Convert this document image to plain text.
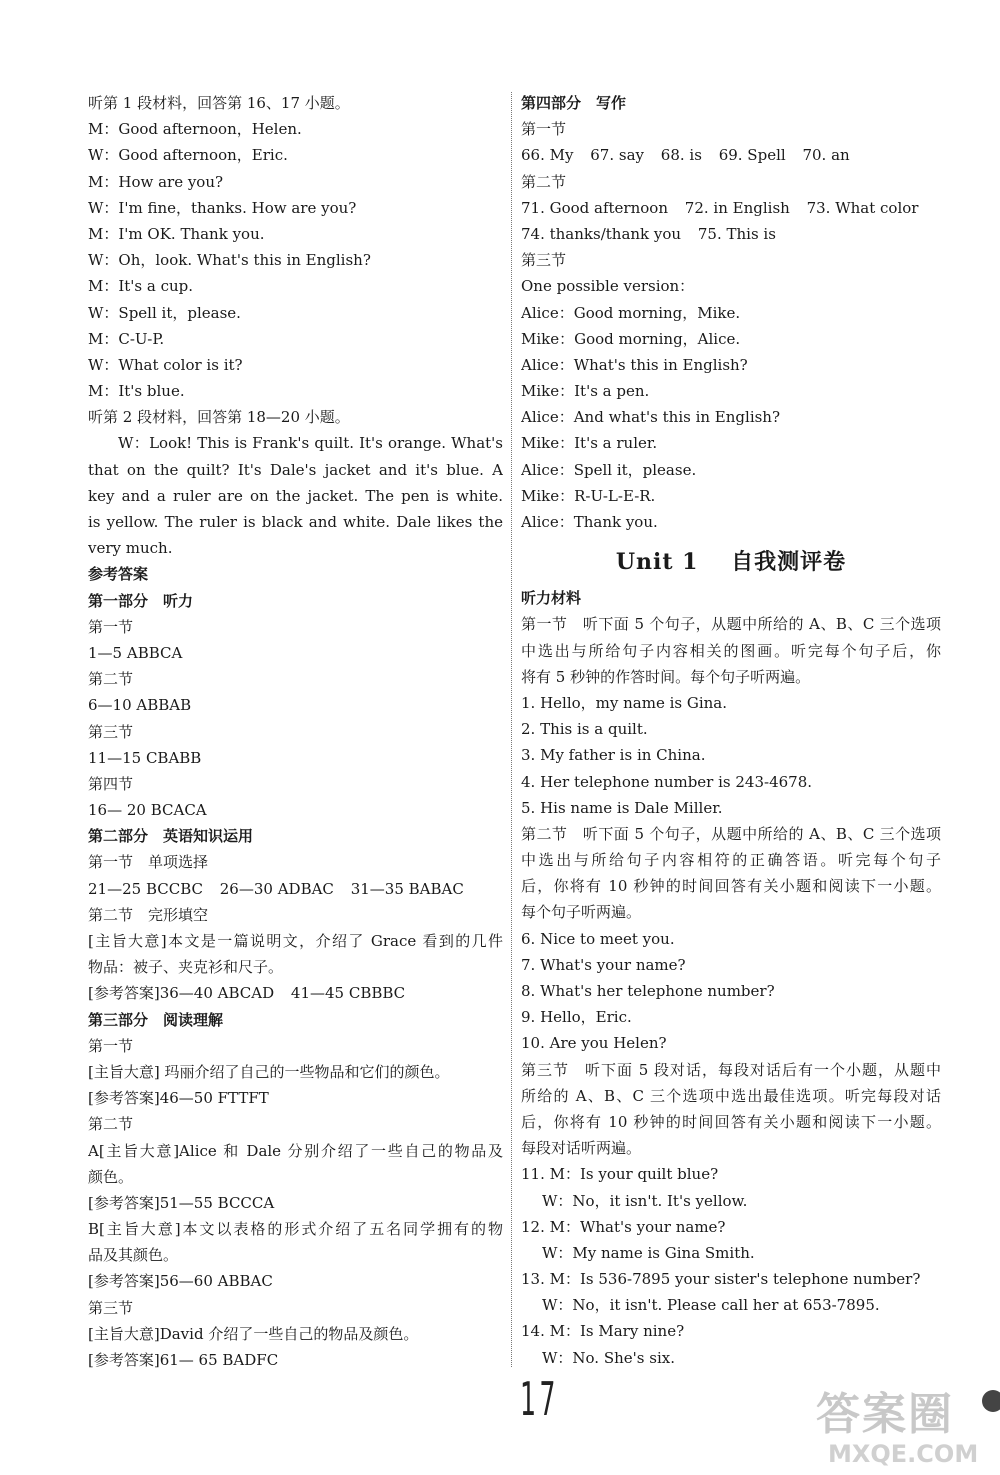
听第 1 段材料，回答第 16、17 小题。
M：Good afternoon，Helen.
W：Good afternoon，Eric.
M：How are you?
W：I'm fine，thanks. How are you?
M：I'm OK. Thank you.
W：Oh，look. What's this in English?
M：It's a cup.
W：Spell it，please.
M：C-U-P.
W：What color is it?
M：It's blue.
听第 2 段材料，回答第 18—20 小题。
W：Look! This is Frank's quilt. It's orange. What's
that on the quilt? It's Dale's jacket and it's blue. A
key and a ruler are on the jacket. The pen is white.
is yellow. The ruler is black and white. Dale likes the
very much.
参考答案
第一部分　听力
第一节
1—5 ABBCA
第二节
6—10 ABBAB
第三节
11—15 CBABB
第四节
16— 20 BCACA
第二部分　英语知识运用
第一节　单项选择
21—25 BCCBC 26—30 ADBAC 31—35 BABAC
第二节　完形填空
[主旨大意]本文是一篇说明文，介绍了 Grace 看到的几件
物品：被子、夹克衫和尺子。
[参考答案]36—40 ABCAD 41—45 CBBBC
第三部分　阅读理解
第一节
[主旨大意] 玛丽介绍了自己的一些物品和它们的颜色。
[参考答案]46—50 FTTFT
第二节
A[主旨大意]Alice 和 Dale 分别介绍了一些自己的物品及
颜色。
[参考答案]51—55 BCCCA
B[主旨大意]本文以表格的形式介绍了五名同学拥有的物
品及其颜色。
[参考答案]56—60 ABBAC
第三节
[主旨大意]David 介绍了一些自己的物品及颜色。
[参考答案]61— 65 BADFC
第四部分　写作
第一节
66. My 67. say 68. is 69. Spell 70. an
第二节
71. Good afternoon 72. in English 73. What color
74. thanks/thank you 75. This is
第三节
One possible version：
Alice：Good morning，Mike.
Mike：Good morning，Alice.
Alice：What's this in English?
Mike：It's a pen.
Alice：And what's this in English?
Mike：It's a ruler.
Alice：Spell it，please.
Mike：R-U-L-E-R.
Alice：Thank you.
Unit 1 自我测评卷
听力材料
第一节　听下面 5 个句子，从题中所给的 A、B、C 三个选项
中选出与所给句子内容相关的图画。听完每个句子后，你
将有 5 秒钟的作答时间。每个句子听两遍。
1. Hello，my name is Gina.
2. This is a quilt.
3. My father is in China.
4. Her telephone number is 243-4678.
5. His name is Dale Miller.
第二节　听下面 5 个句子，从题中所给的 A、B、C 三个选项
中选出与所给句子内容相符的正确答语。听完每个句子
后，你将有 10 秒钟的时间回答有关小题和阅读下一小题。
每个句子听两遍。
6. Nice to meet you.
7. What's your name?
8. What's her telephone number?
9. Hello，Eric.
10. Are you Helen?
第三节　听下面 5 段对话，每段对话后有一个小题，从题中
所给的 A、B、C 三个选项中选出最佳选项。听完每段对话
后，你将有 10 秒钟的时间回答有关小题和阅读下一小题。
每段对话听两遍。
11. M：Is your quilt blue?
W：No，it isn't. It's yellow.
12. M：What's your name?
W：My name is Gina Smith.
13. M：Is 536-7895 your sister's telephone number?
W：No，it isn't. Please call her at 653-7895.
14. M：Is Mary nine?
W：No. She's six.
17	答案圈
MXQE.COM
